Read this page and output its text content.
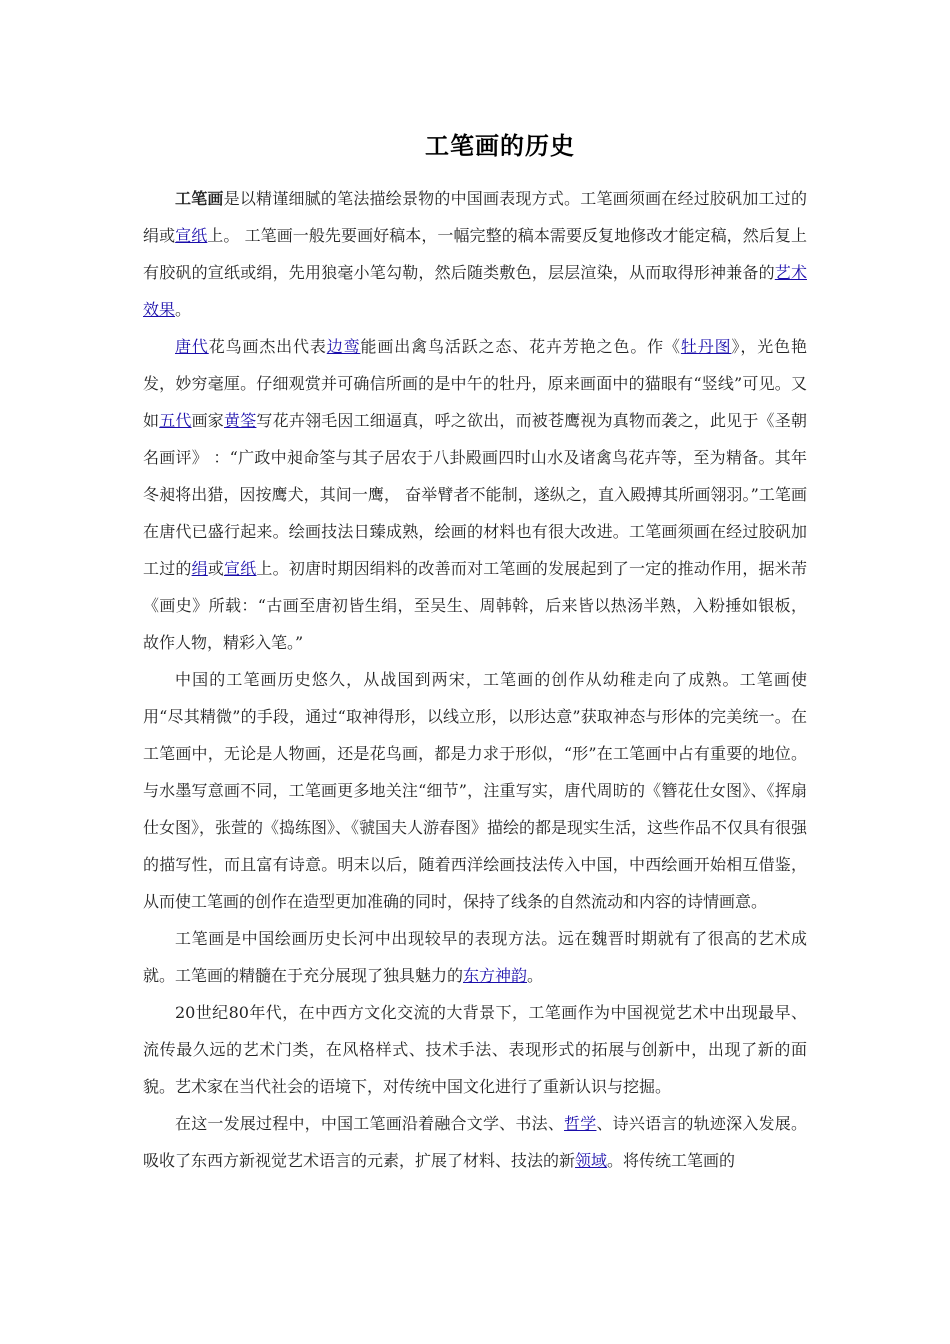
工笔画的历史

工笔画是以精谨细腻的笔法描绘景物的中国画表现方式。工笔画须画在经过胶矾加工过的绢或宣纸上。 工笔画一般先要画好稿本，一幅完整的稿本需要反复地修改才能定稿，然后复上有胶矾的宣纸或绢，先用狼毫小笔勾勒，然后随类敷色，层层渲染，从而取得形神兼备的艺术效果。

唐代花鸟画杰出代表边鸾能画出禽鸟活跃之态、花卉芳艳之色。作《牡丹图》，光色艳发，妙穷毫厘。仔细观赏并可确信所画的是中午的牡丹，原来画面中的猫眼有“竖线”可见。又如五代画家黄筌写花卉翎毛因工细逼真，呼之欲出，而被苍鹰视为真物而袭之，此见于《圣朝名画评》 ：“广政中昶命筌与其子居农于八卦殿画四时山水及诸禽鸟花卉等，至为精备。其年冬昶将出猎，因按鹰犬，其间一鹰， 奋举臂者不能制，遂纵之，直入殿搏其所画翎羽。”工笔画在唐代已盛行起来。绘画技法日臻成熟，绘画的材料也有很大改进。工笔画须画在经过胶矾加工过的绢或宣纸上。初唐时期因绢料的改善而对工笔画的发展起到了一定的推动作用，据米芾《画史》所载：“古画至唐初皆生绢，至吴生、周韩斡，后来皆以热汤半熟，入粉捶如银板，故作人物，精彩入笔。”

中国的工笔画历史悠久，从战国到两宋，工笔画的创作从幼稚走向了成熟。工笔画使用“尽其精微”的手段，通过“取神得形，以线立形，以形达意”获取神态与形体的完美统一。在工笔画中，无论是人物画，还是花鸟画，都是力求于形似，“形”在工笔画中占有重要的地位。与水墨写意画不同，工笔画更多地关注“细节”，注重写实，唐代周昉的《簪花仕女图》、《挥扇仕女图》，张萱的《捣练图》、《虢国夫人游春图》描绘的都是现实生活，这些作品不仅具有很强的描写性，而且富有诗意。明末以后，随着西洋绘画技法传入中国，中西绘画开始相互借鉴，从而使工笔画的创作在造型更加准确的同时，保持了线条的自然流动和内容的诗情画意。

工笔画是中国绘画历史长河中出现较早的表现方法。远在魏晋时期就有了很高的艺术成就。工笔画的精髓在于充分展现了独具魅力的东方神韵。

20世纪80年代，在中西方文化交流的大背景下，工笔画作为中国视觉艺术中出现最早、流传最久远的艺术门类，在风格样式、技术手法、表现形式的拓展与创新中，出现了新的面貌。艺术家在当代社会的语境下，对传统中国文化进行了重新认识与挖掘。

在这一发展过程中，中国工笔画沿着融合文学、书法、哲学、诗兴语言的轨迹深入发展。吸收了东西方新视觉艺术语言的元素，扩展了材料、技法的新领域。将传统工笔画的
